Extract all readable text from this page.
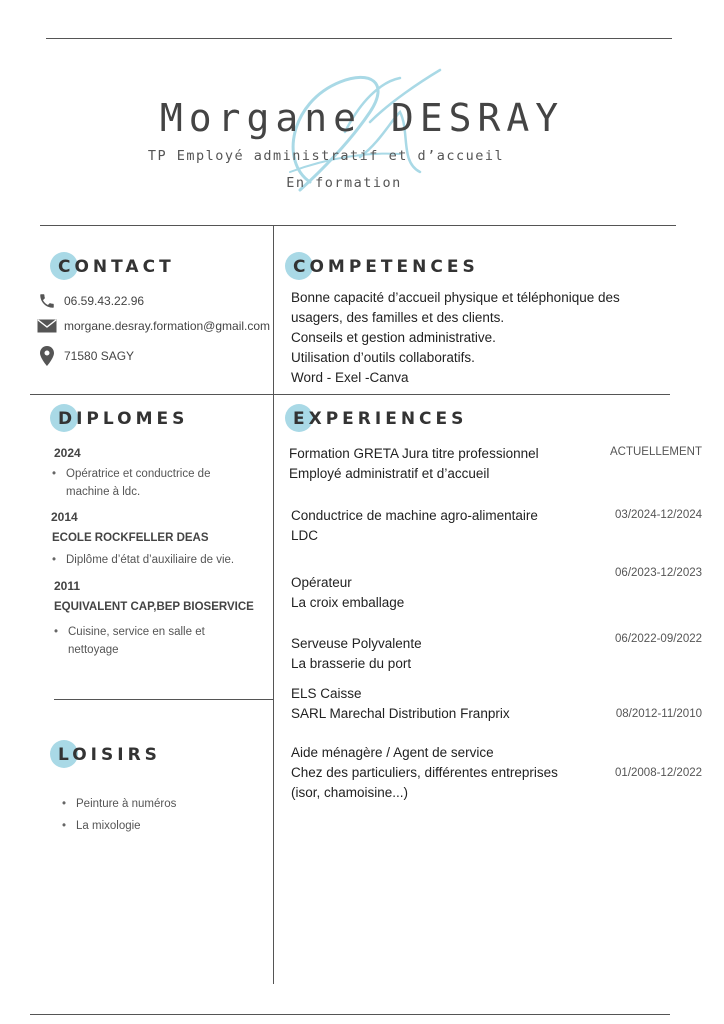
Morgane DESRAY
TP Employé administratif et d’accueil
En formation
CONTACT
06.59.43.22.96
morgane.desray.formation@gmail.com
71580 SAGY
COMPETENCES
Bonne capacité d’accueil physique et téléphonique des
usagers, des familles et des clients.
Conseils et gestion administrative.
Utilisation d’outils collaboratifs.
Word - Exel -Canva
DIPLOMES
2024
• Opératrice et conductrice de
machine à ldc.
2014
ECOLE ROCKFELLER DEAS
• Diplôme d’état d’auxiliaire de vie.
2011
EQUIVALENT CAP,BEP BIOSERVICE
• Cuisine, service en salle et
nettoyage
EXPERIENCES
Formation GRETA Jura titre professionnel
Employé administratif et d’accueil
ACTUELLEMENT
Conductrice de machine agro-alimentaire
LDC
03/2024-12/2024
Opérateur
La croix emballage
06/2023-12/2023
Serveuse Polyvalente
La brasserie du port
06/2022-09/2022
ELS Caisse
SARL Marechal Distribution Franprix	08/2012-11/2010
Aide ménagère / Agent de service
Chez des particuliers, différentes entreprises
(isor, chamoisine...)
01/2008-12/2022
LOISIRS
• Peinture à numéros
• La mixologie
